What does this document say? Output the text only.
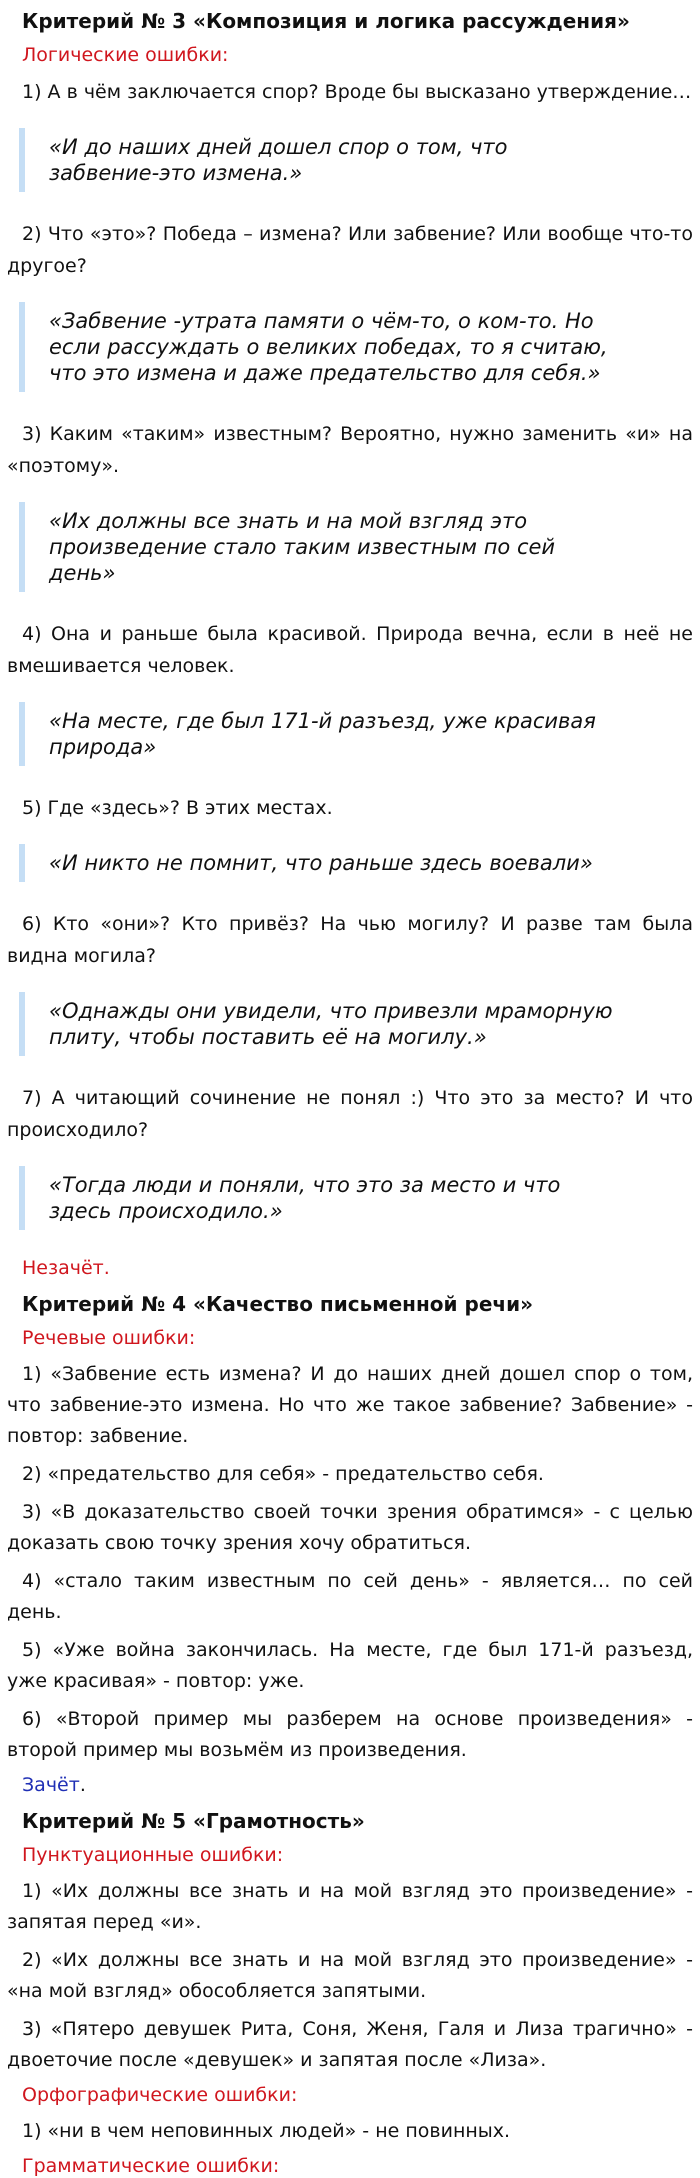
Критерий № 3 «Композиция и логика рассуждения»
Логические ошибки:
1) А в чём заключается спор? Вроде бы высказано утверждение…
«И до наших дней дошел спор о том, что забвение-это измена.»
2) Что «это»? Победа – измена? Или забвение? Или вообще что-то другое?
«Забвение -утрата памяти о чём-то, о ком-то. Но если рассуждать о великих победах, то я считаю, что это измена и даже предательство для себя.»
3) Каким «таким» известным? Вероятно, нужно заменить «и» на «поэтому».
«Их должны все знать и на мой взгляд это произведение стало таким известным по сей день»
4) Она и раньше была красивой. Природа вечна, если в неё не вмешивается человек.
«На месте, где был 171-й разъезд, уже красивая природа»
5) Где «здесь»? В этих местах.
«И никто не помнит, что раньше здесь воевали»
6) Кто «они»? Кто привёз? На чью могилу? И разве там была видна могила?
«Однажды они увидели, что привезли мраморную плиту, чтобы поставить её на могилу.»
7) А читающий сочинение не понял :) Что это за место? И что происходило?
«Тогда люди и поняли, что это за место и что здесь происходило.»
Незачёт.
Критерий № 4 «Качество письменной речи»
Речевые ошибки:
1) «Забвение есть измена? И до наших дней дошел спор о том, что забвение-это измена. Но что же такое забвение? Забвение» - повтор: забвение.
2) «предательство для себя» - предательство себя.
3) «В доказательство своей точки зрения обратимся» - с целью доказать свою точку зрения хочу обратиться.
4) «стало таким известным по сей день» - является… по сей день.
5) «Уже война закончилась. На месте, где был 171-й разъезд, уже красивая» - повтор: уже.
6) «Второй пример мы разберем на основе произведения» - второй пример мы возьмём из произведения.
Зачёт.
Критерий № 5 «Грамотность»
Пунктуационные ошибки:
1) «Их должны все знать и на мой взгляд это произведение» - запятая перед «и».
2) «Их должны все знать и на мой взгляд это произведение» - «на мой взгляд» обособляется запятыми.
3) «Пятеро девушек Рита, Соня, Женя, Галя и Лиза трагично» - двоеточие после «девушек» и запятая после «Лиза».
Орфографические ошибки:
1) «ни в чем неповинных людей» - не повинных.
Грамматические ошибки:
